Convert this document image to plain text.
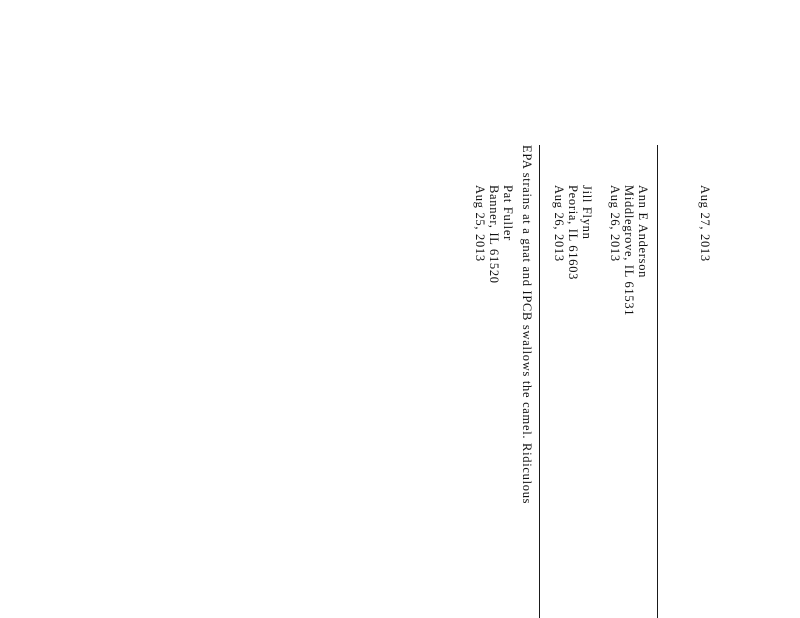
Aug 27, 2013
Ann E Anderson
Middlegrove, IL 61531
Aug 26, 2013
Jill Flynn
Peoria, IL 61603
Aug 26, 2013
EPA strains at a gnat and IPCB swallows the camel. Ridiculous
Pat Fuller
Banner, IL 61520
Aug 25, 2013
